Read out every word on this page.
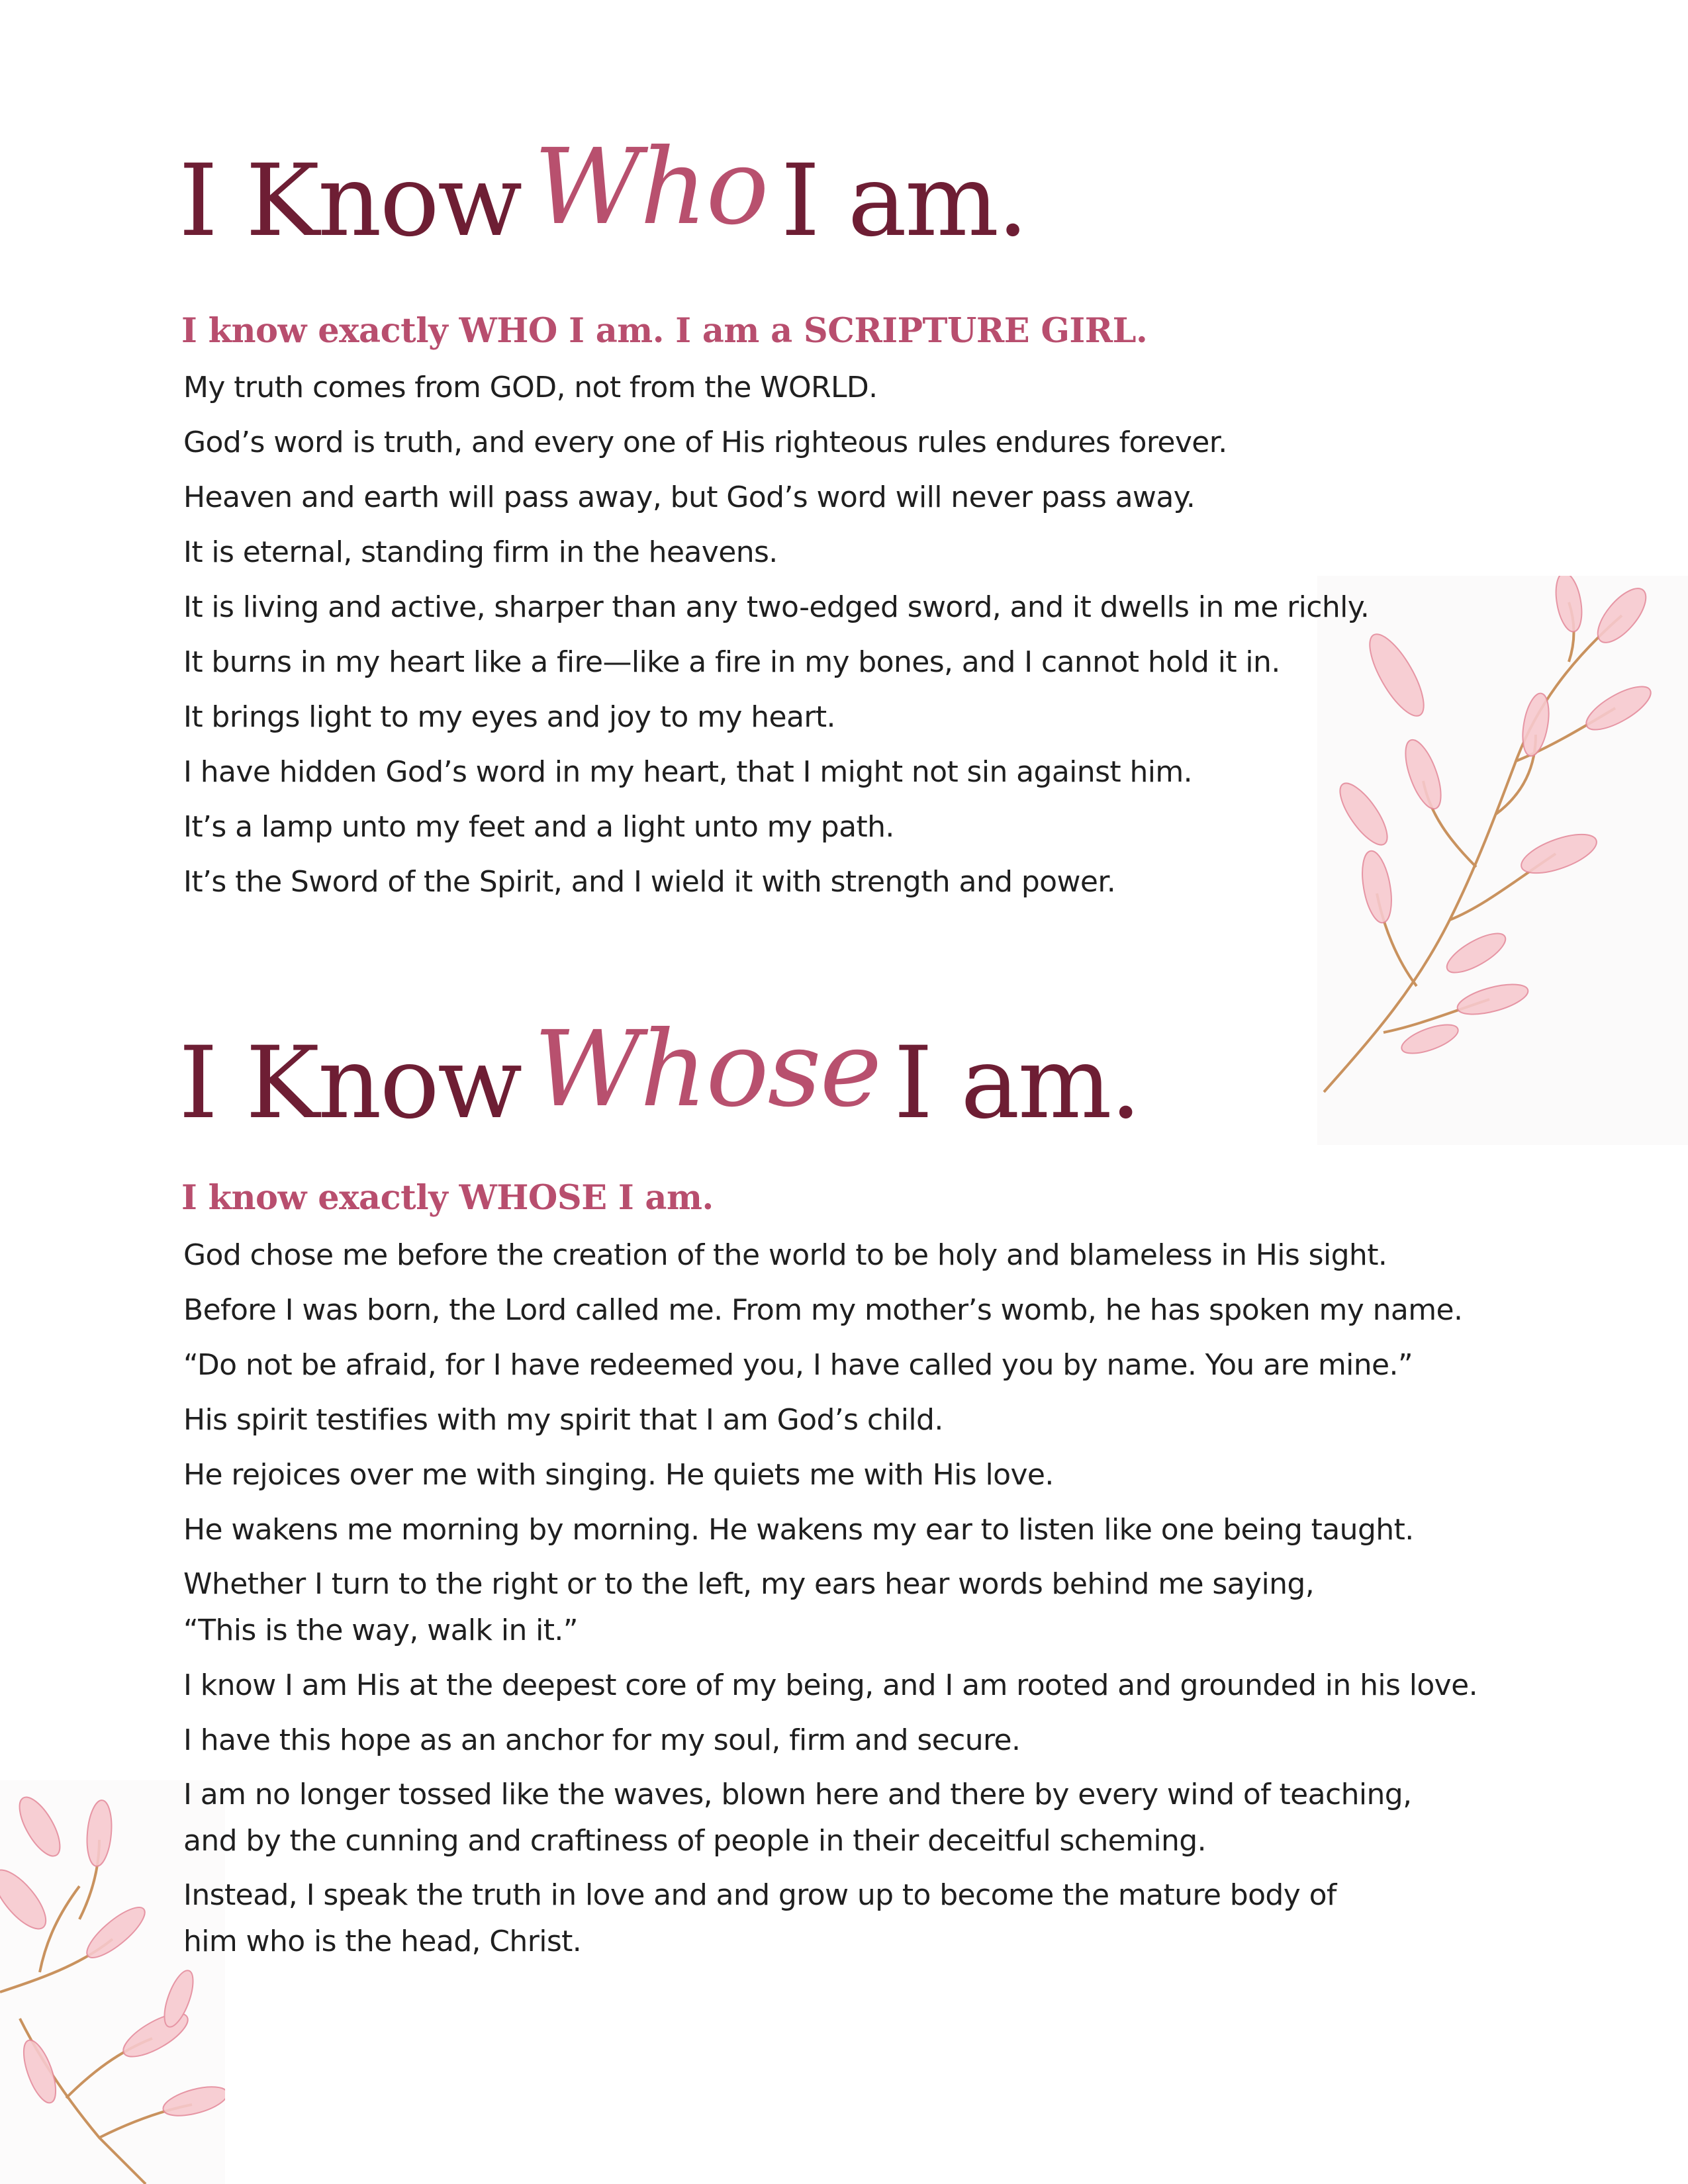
I Know Who I am.
I know exactly WHO I am. I am a SCRIPTURE GIRL.
My truth comes from GOD, not from the WORLD.
God’s word is truth, and every one of His righteous rules endures forever.
Heaven and earth will pass away, but God’s word will never pass away.
It is eternal, standing firm in the heavens.
It is living and active, sharper than any two-edged sword, and it dwells in me richly.
It burns in my heart like a fire—like a fire in my bones, and I cannot hold it in.
It brings light to my eyes and joy to my heart.
I have hidden God’s word in my heart, that I might not sin against him.
It’s a lamp unto my feet and a light unto my path.
It’s the Sword of the Spirit, and I wield it with strength and power.
I Know Whose I am.
I know exactly WHOSE I am.
God chose me before the creation of the world to be holy and blameless in His sight.
Before I was born, the Lord called me. From my mother’s womb, he has spoken my name.
“Do not be afraid, for I have redeemed you, I have called you by name. You are mine.”
His spirit testifies with my spirit that I am God’s child.
He rejoices over me with singing. He quiets me with His love.
He wakens me morning by morning. He wakens my ear to listen like one being taught.
Whether I turn to the right or to the left, my ears hear words behind me saying,
“This is the way, walk in it.”
I know I am His at the deepest core of my being, and I am rooted and grounded in his love.
I have this hope as an anchor for my soul, firm and secure.
I am no longer tossed like the waves, blown here and there by every wind of teaching,
and by the cunning and craftiness of people in their deceitful scheming.
Instead, I speak the truth in love and and grow up to become the mature body of
him who is the head, Christ.
